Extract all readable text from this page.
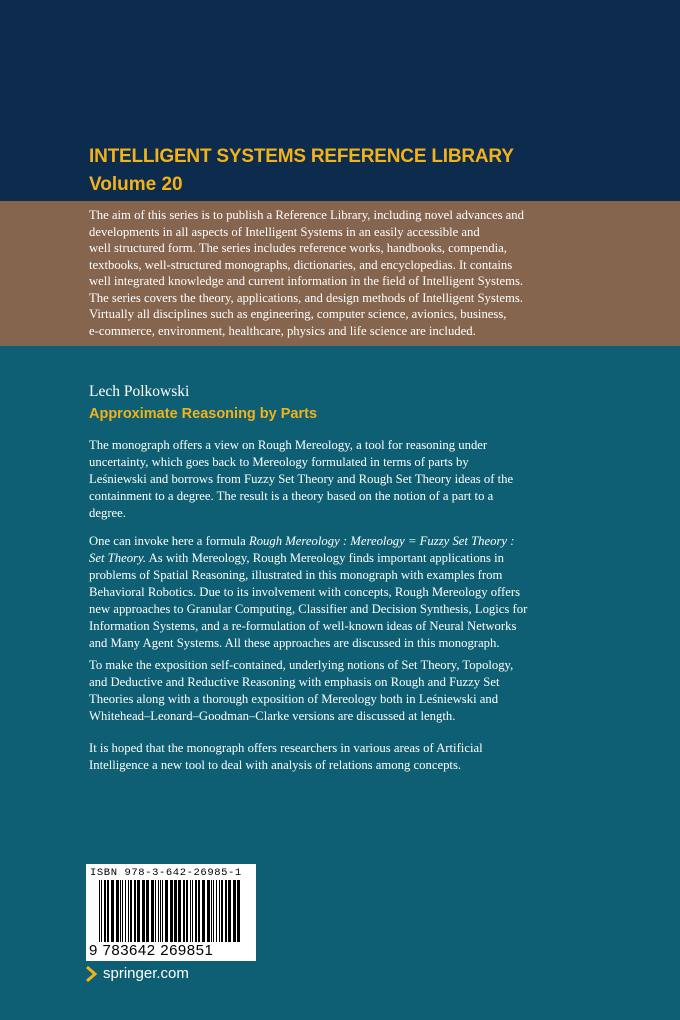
INTELLIGENT SYSTEMS REFERENCE LIBRARY
Volume 20

The aim of this series is to publish a Reference Library, including novel advances and
developments in all aspects of Intelligent Systems in an easily accessible and
well structured form. The series includes reference works, handbooks, compendia,
textbooks, well-structured monographs, dictionaries, and encyclopedias. It contains
well integrated knowledge and current information in the field of Intelligent Systems.
The series covers the theory, applications, and design methods of Intelligent Systems.
Virtually all disciplines such as engineering, computer science, avionics, business,
e-commerce, environment, healthcare, physics and life science are included.

Lech Polkowski
Approximate Reasoning by Parts

The monograph offers a view on Rough Mereology, a tool for reasoning under
uncertainty, which goes back to Mereology formulated in terms of parts by
Leśniewski and borrows from Fuzzy Set Theory and Rough Set Theory ideas of the
containment to a degree. The result is a theory based on the notion of a part to a
degree.

One can invoke here a formula Rough Mereology : Mereology = Fuzzy Set Theory :
Set Theory. As with Mereology, Rough Mereology finds important applications in
problems of Spatial Reasoning, illustrated in this monograph with examples from
Behavioral Robotics. Due to its involvement with concepts, Rough Mereology offers
new approaches to Granular Computing, Classifier and Decision Synthesis, Logics for
Information Systems, and a re-formulation of well-known ideas of Neural Networks
and Many Agent Systems. All these approaches are discussed in this monograph.

To make the exposition self-contained, underlying notions of Set Theory, Topology,
and Deductive and Reductive Reasoning with emphasis on Rough and Fuzzy Set
Theories along with a thorough exposition of Mereology both in Leśniewski and
Whitehead–Leonard–Goodman–Clarke versions are discussed at length.

It is hoped that the monograph offers researchers in various areas of Artificial
Intelligence a new tool to deal with analysis of relations among concepts.

ISBN 978-3-642-26985-1
9 783642 269851
springer.com
